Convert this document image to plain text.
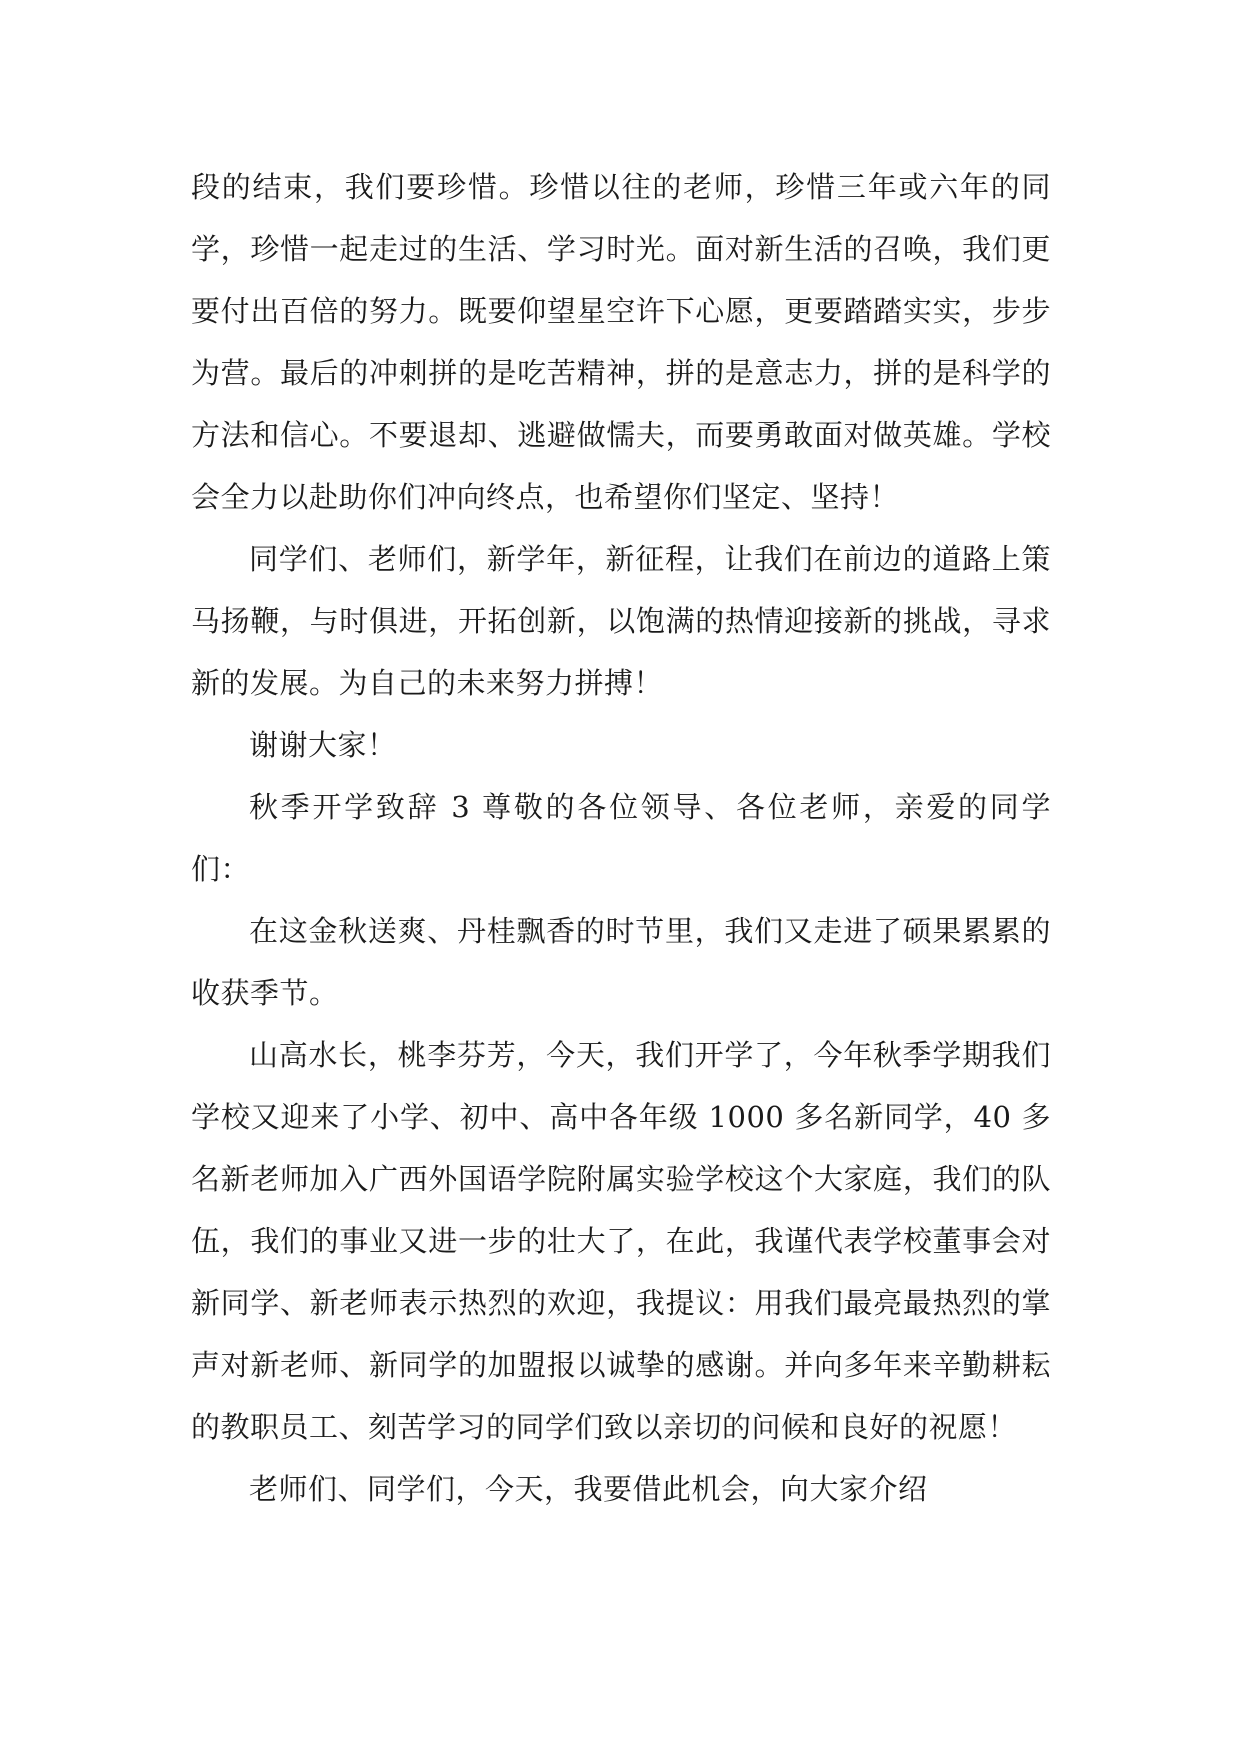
段的结束，我们要珍惜。珍惜以往的老师，珍惜三年或六年的同学，珍惜一起走过的生活、学习时光。面对新生活的召唤，我们更要付出百倍的努力。既要仰望星空许下心愿，更要踏踏实实，步步为营。最后的冲刺拼的是吃苦精神，拼的是意志力，拼的是科学的方法和信心。不要退却、逃避做懦夫，而要勇敢面对做英雄。学校会全力以赴助你们冲向终点，也希望你们坚定、坚持！

同学们、老师们，新学年，新征程，让我们在前边的道路上策马扬鞭，与时俱进，开拓创新，以饱满的热情迎接新的挑战，寻求新的发展。为自己的未来努力拼搏！

谢谢大家！

秋季开学致辞 3 尊敬的各位领导、各位老师，亲爱的同学们：

在这金秋送爽、丹桂飘香的时节里，我们又走进了硕果累累的收获季节。

山高水长，桃李芬芳，今天，我们开学了，今年秋季学期我们学校又迎来了小学、初中、高中各年级 1000 多名新同学，40 多名新老师加入广西外国语学院附属实验学校这个大家庭，我们的队伍，我们的事业又进一步的壮大了，在此，我谨代表学校董事会对新同学、新老师表示热烈的欢迎，我提议：用我们最亮最热烈的掌声对新老师、新同学的加盟报以诚挚的感谢。并向多年来辛勤耕耘的教职员工、刻苦学习的同学们致以亲切的问候和良好的祝愿！

老师们、同学们，今天，我要借此机会，向大家介绍
